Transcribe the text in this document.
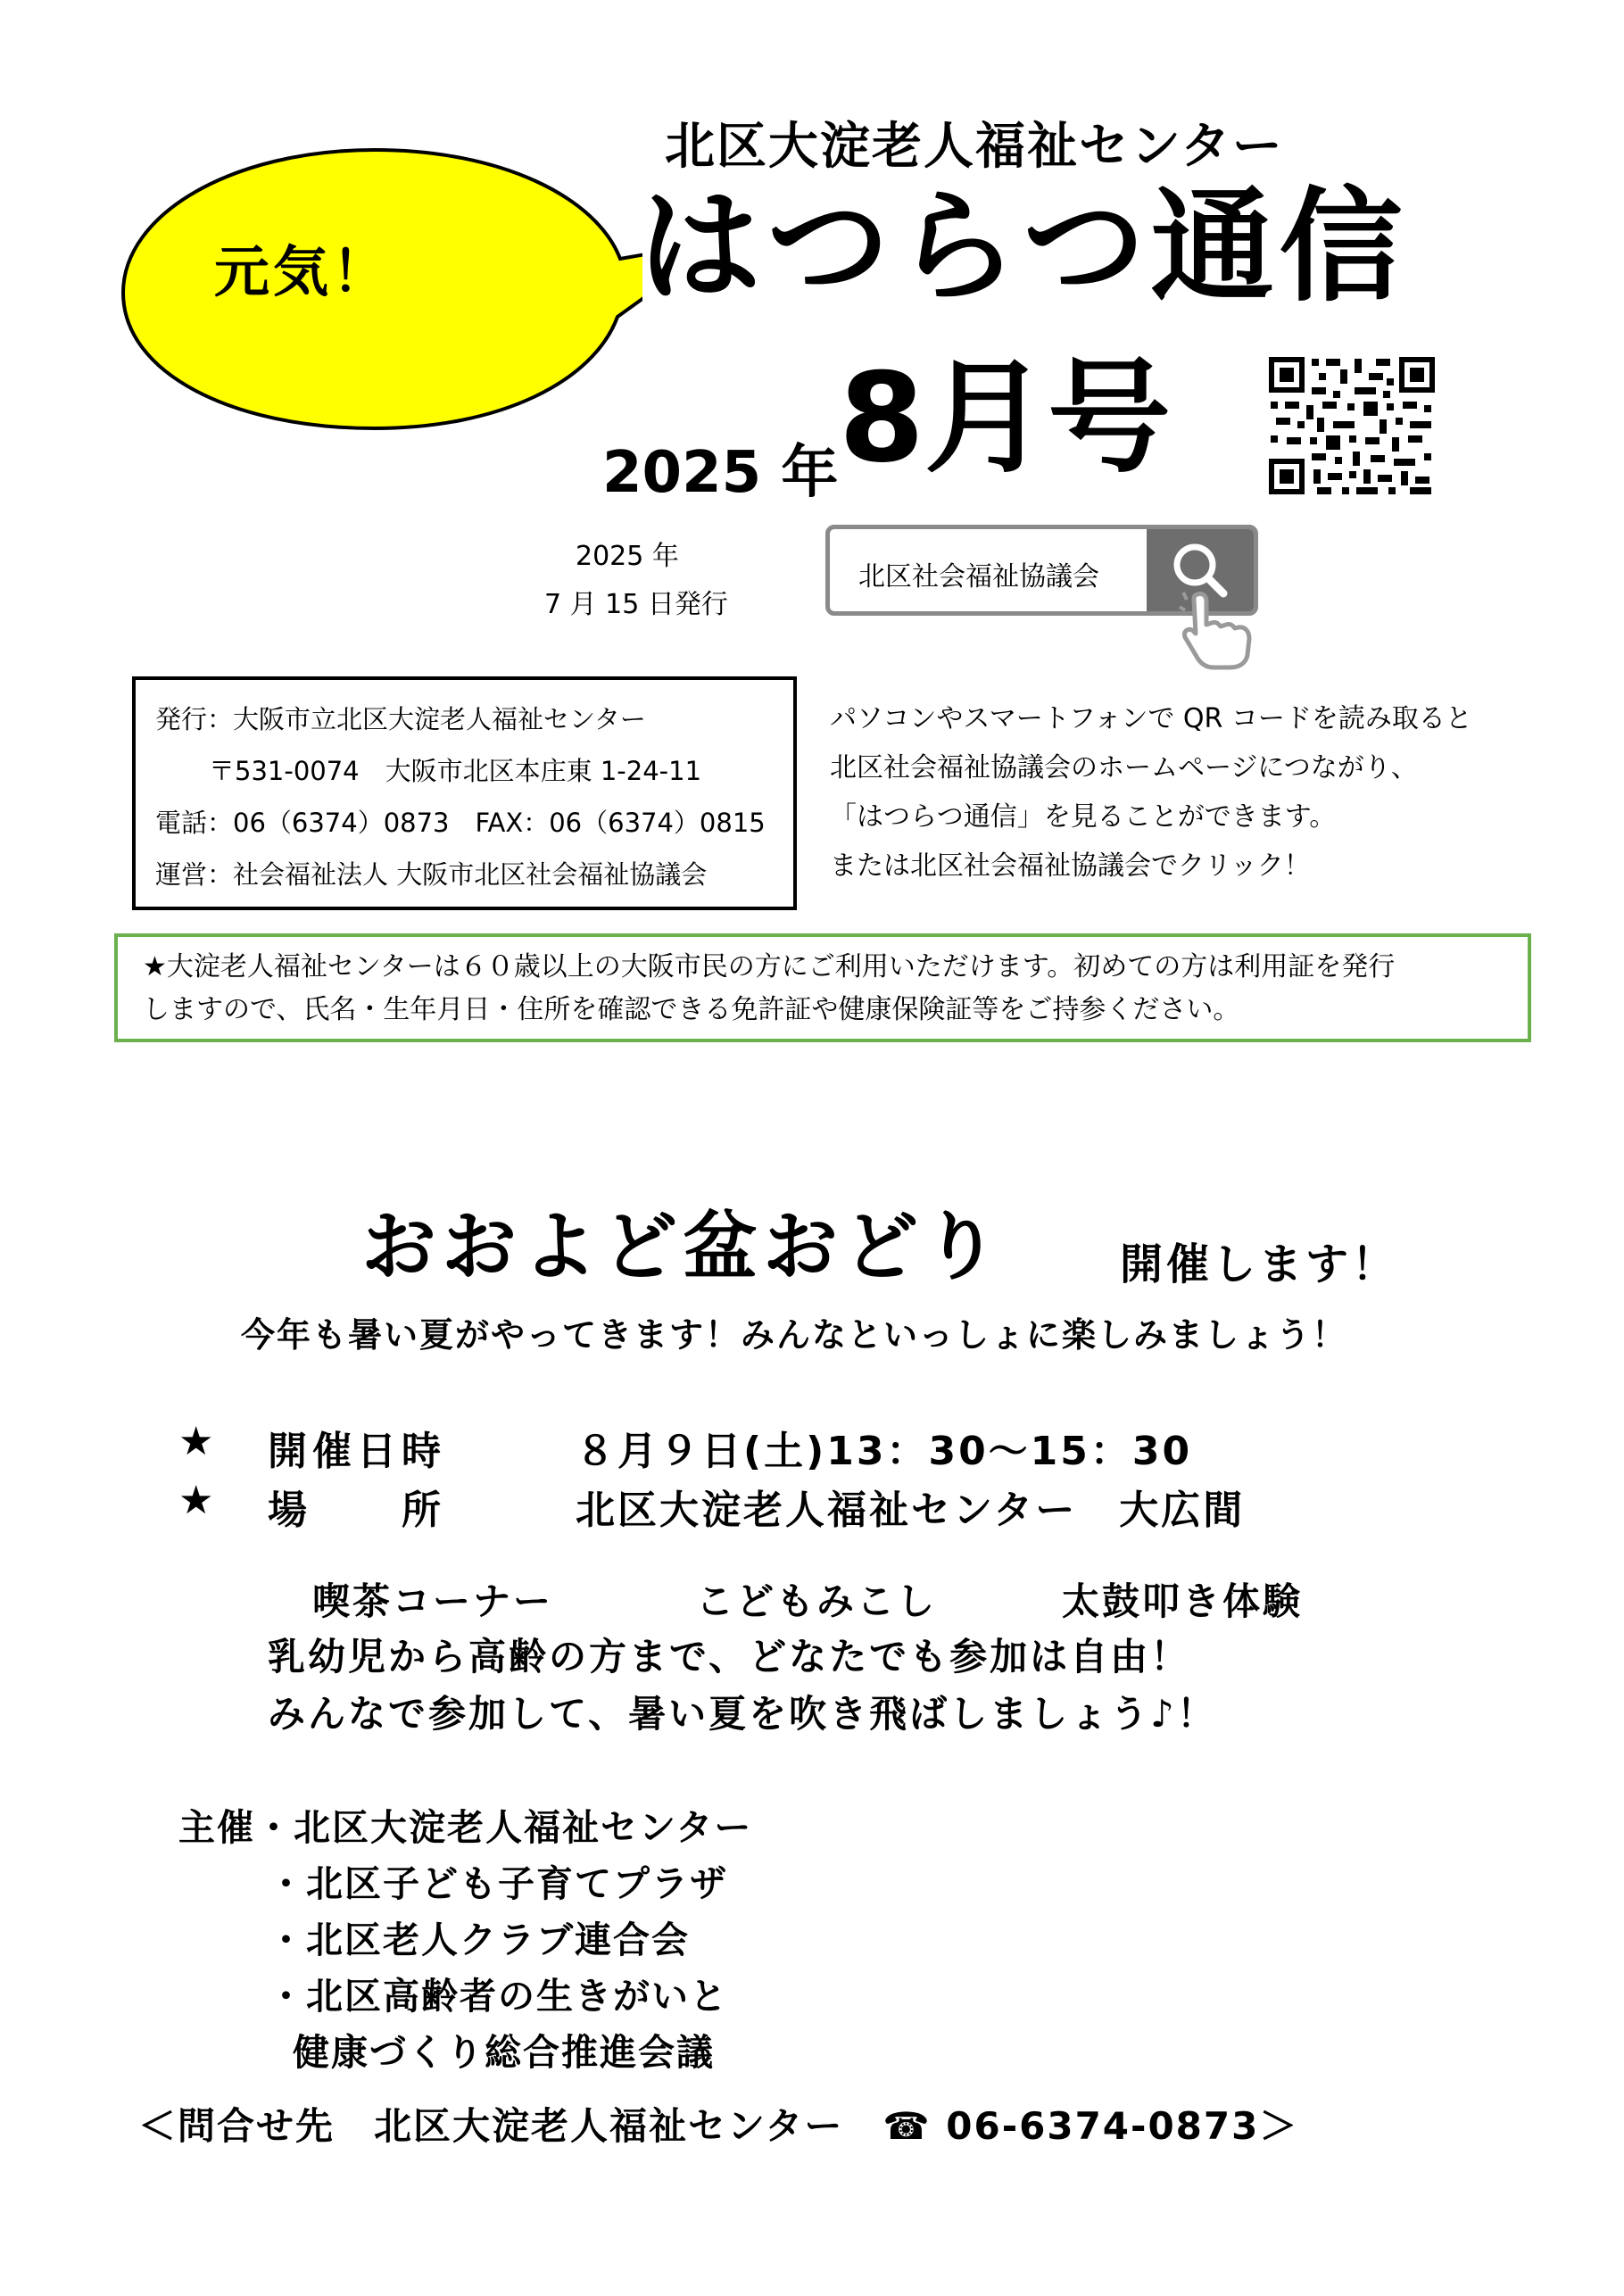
元気！
北区大淀老人福祉センター
はつらつ通信
2025 年 8月号
2025 年
7 月 15 日発行
北区社会福祉協議会
発行：大阪市立北区大淀老人福祉センター
〒531-0074　大阪市北区本庄東 1-24-11
電話：06（6374）0873　FAX：06（6374）0815
運営：社会福祉法人 大阪市北区社会福祉協議会
パソコンやスマートフォンで QR コードを読み取ると
北区社会福祉協議会のホームページにつながり、
「はつらつ通信」を見ることができます。
または北区社会福祉協議会でクリック！
★大淀老人福祉センターは６０歳以上の大阪市民の方にご利用いただけます。初めての方は利用証を発行
しますので、氏名・生年月日・住所を確認できる免許証や健康保険証等をご持参ください。
おおよど盆おどり	開催します！
今年も暑い夏がやってきます！みんなといっしょに楽しみましょう！
★ 開催日時	８月９日(土)13：30～15：30
★ 場　　所	北区大淀老人福祉センター　大広間
喫茶コーナー	こどもみこし	太鼓叩き体験
乳幼児から高齢の方まで、どなたでも参加は自由！
みんなで参加して、暑い夏を吹き飛ばしましょう♪！
主催・北区大淀老人福祉センター
・北区子ども子育てプラザ
・北区老人クラブ連合会
・北区高齢者の生きがいと
健康づくり総合推進会議
＜問合せ先　北区大淀老人福祉センター　☎ 06-6374-0873＞
